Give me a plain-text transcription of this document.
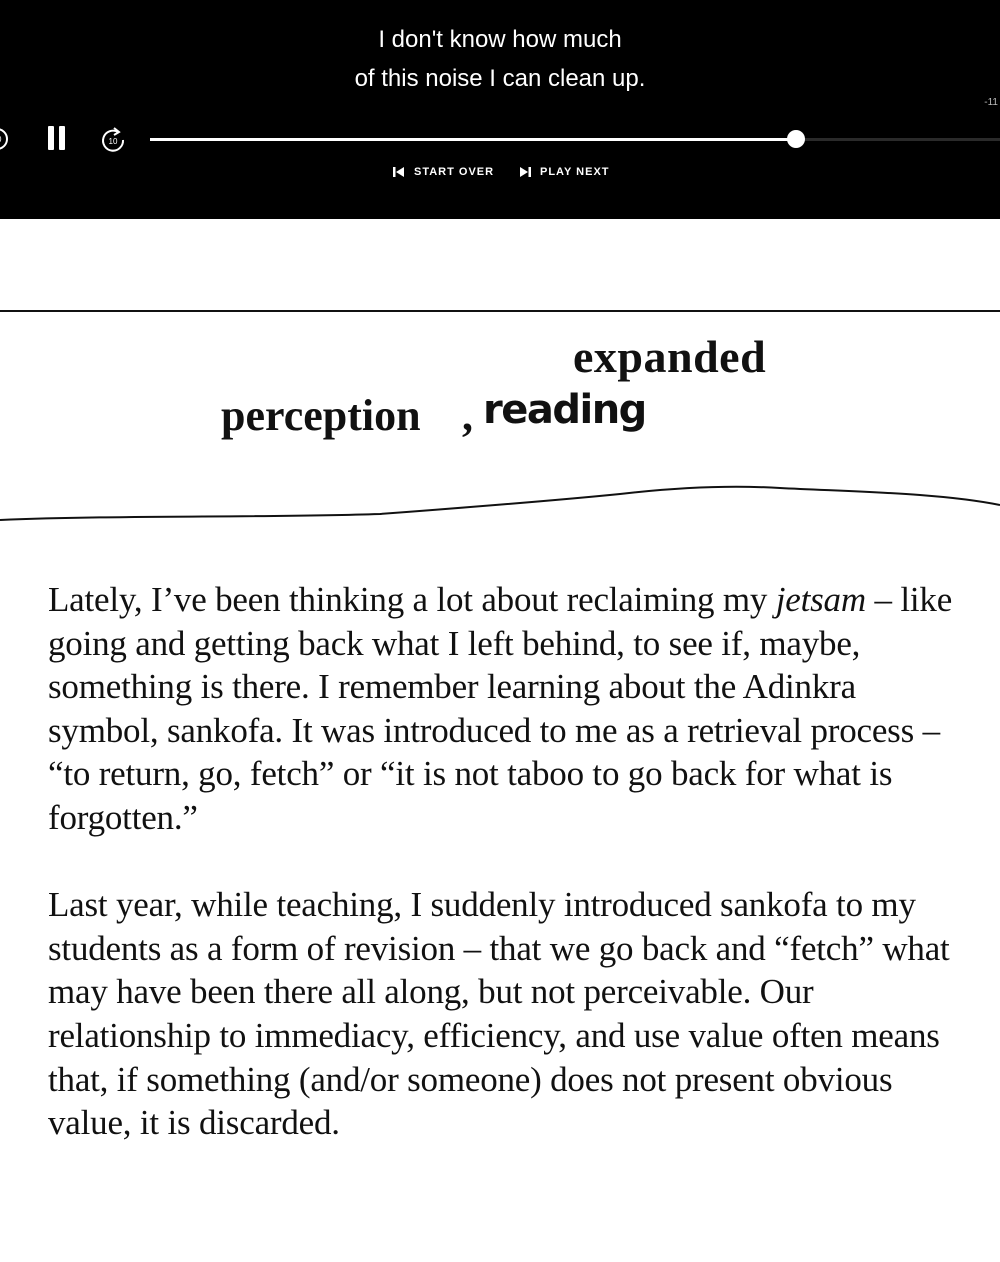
I don't know how much
of this noise I can clean up.
-11
10
START OVER	PLAY NEXT
expanded
perception , reading

Lately, I’ve been thinking a lot about reclaiming my jetsam – like going and getting back what I left behind, to see if, maybe, something is there. I remember learning about the Adinkra symbol, sankofa. It was introduced to me as a retrieval process – “to return, go, fetch” or “it is not taboo to go back for what is forgotten.”

Last year, while teaching, I suddenly introduced sankofa to my students as a form of revision – that we go back and “fetch” what may have been there all along, but not perceivable. Our relationship to immediacy, efficiency, and use value often means that, if something (and/or someone) does not present obvious value, it is discarded.
